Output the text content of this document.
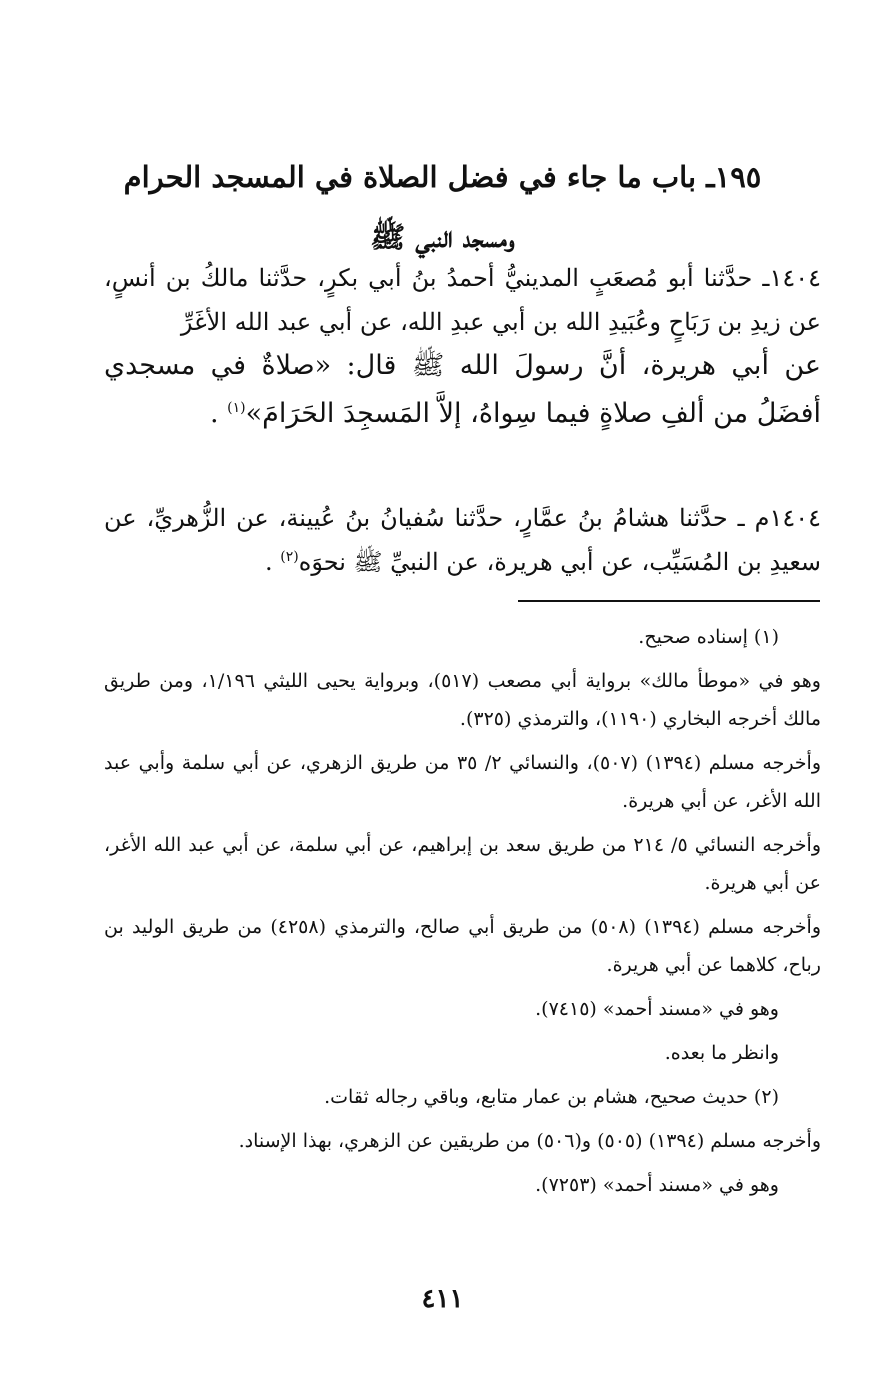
١٩٥ـ باب ما جاء في فضل الصلاة في المسجد الحرام
ومسجد النبي ﷺ

١٤٠٤ـ حدَّثنا أبو مُصعَبٍ المدينيُّ أحمدُ بنُ أبي بكرٍ، حدَّثنا مالكُ بن أنسٍ، عن زيدِ بن رَبَاحٍ وعُبَيدِ الله بن أبي عبدِ الله، عن أبي عبد الله الأغَرِّ

عن أبي هريرة، أنَّ رسولَ الله ﷺ قال: «صلاةٌ في مسجدي أفضَلُ من ألفِ صلاةٍ فيما سِواهُ، إلاَّ المَسجِدَ الحَرَامَ»$^{(١)}$ .

١٤٠٤م ـ حدَّثنا هشامُ بنُ عمَّارٍ، حدَّثنا سُفيانُ بنُ عُيينة، عن الزُّهريِّ، عن سعيدِ بن المُسَيِّب، عن أبي هريرة، عن النبيِّ ﷺ نحوَه$^{(٢)}$ .

(١) إسناده صحيح.

وهو في «موطأ مالك» برواية أبي مصعب (٥١٧)، وبرواية يحيى الليثي ١/١٩٦، ومن طريق مالك أخرجه البخاري (١١٩٠)، والترمذي (٣٢٥).

وأخرجه مسلم (١٣٩٤) (٥٠٧)، والنسائي ٢/ ٣٥ من طريق الزهري، عن أبي سلمة وأبي عبد الله الأغر، عن أبي هريرة.

وأخرجه النسائي ٥/ ٢١٤ من طريق سعد بن إبراهيم، عن أبي سلمة، عن أبي عبد الله الأغر، عن أبي هريرة.

وأخرجه مسلم (١٣٩٤) (٥٠٨) من طريق أبي صالح، والترمذي (٤٢٥٨) من طريق الوليد بن رباح، كلاهما عن أبي هريرة.

وهو في «مسند أحمد» (٧٤١٥).

وانظر ما بعده.

(٢) حديث صحيح، هشام بن عمار متابع، وباقي رجاله ثقات.

وأخرجه مسلم (١٣٩٤) (٥٠٥) و(٥٠٦) من طريقين عن الزهري، بهذا الإسناد.

وهو في «مسند أحمد» (٧٢٥٣).

٤١١
